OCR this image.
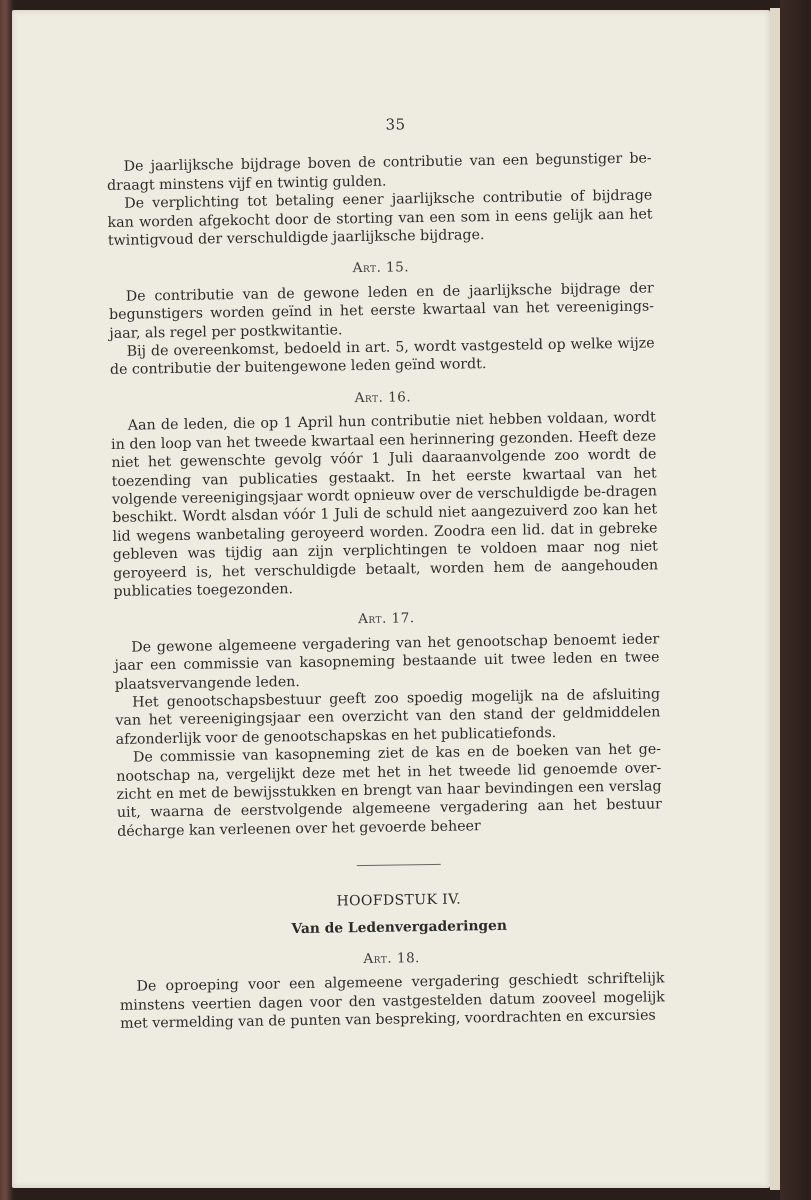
35

De jaarlijksche bijdrage boven de contributie van een begunstiger be-draagt minstens vijf en twintig gulden.

De verplichting tot betaling eener jaarlijksche contributie of bijdrage kan worden afgekocht door de storting van een som in eens gelijk aan het twintigvoud der verschuldigde jaarlijksche bijdrage.

Art. 15.

De contributie van de gewone leden en de jaarlijksche bijdrage der begunstigers worden geïnd in het eerste kwartaal van het vereenigings-jaar, als regel per postkwitantie.

Bij de overeenkomst, bedoeld in art. 5, wordt vastgesteld op welke wijze de contributie der buitengewone leden geïnd wordt.

Art. 16.

Aan de leden, die op 1 April hun contributie niet hebben voldaan, wordt in den loop van het tweede kwartaal een herinnering gezonden. Heeft deze niet het gewenschte gevolg vóór 1 Juli daaraanvolgende zoo wordt de toezending van publicaties gestaakt. In het eerste kwartaal van het volgende vereenigingsjaar wordt opnieuw over de verschuldigde be-dragen beschikt. Wordt alsdan vóór 1 Juli de schuld niet aangezuiverd zoo kan het lid wegens wanbetaling geroyeerd worden. Zoodra een lid. dat in gebreke gebleven was tijdig aan zijn verplichtingen te voldoen maar nog niet geroyeerd is, het verschuldigde betaalt, worden hem de aangehouden publicaties toegezonden.

Art. 17.

De gewone algemeene vergadering van het genootschap benoemt ieder jaar een commissie van kasopneming bestaande uit twee leden en twee plaatsvervangende leden.

Het genootschapsbestuur geeft zoo spoedig mogelijk na de afsluiting van het vereenigingsjaar een overzicht van den stand der geldmiddelen afzonderlijk voor de genootschapskas en het publicatiefonds.

De commissie van kasopneming ziet de kas en de boeken van het ge-nootschap na, vergelijkt deze met het in het tweede lid genoemde over-zicht en met de bewijsstukken en brengt van haar bevindingen een verslag uit, waarna de eerstvolgende algemeene vergadering aan het bestuur décharge kan verleenen over het gevoerde beheer

HOOFDSTUK IV.
Van de Ledenvergaderingen
Art. 18.

De oproeping voor een algemeene vergadering geschiedt schriftelijk minstens veertien dagen voor den vastgestelden datum zooveel mogelijk met vermelding van de punten van bespreking, voordrachten en excursies
